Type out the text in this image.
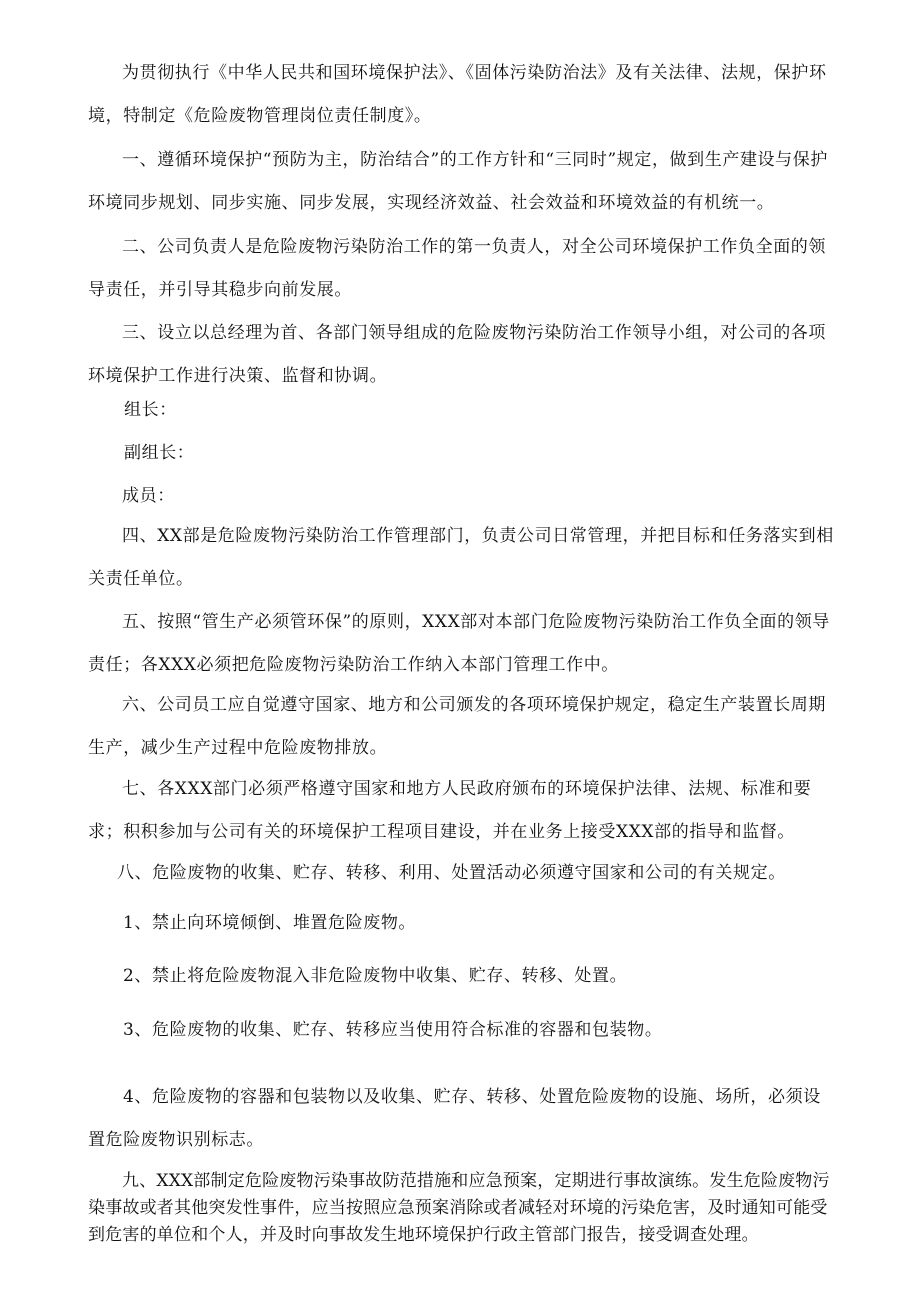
为贯彻执行《中华人民共和国环境保护法》、《固体污染防治法》及有关法律、法规，保护环境，特制定《危险废物管理岗位责任制度》。

一、遵循环境保护“预防为主，防治结合”的工作方针和“三同时”规定，做到生产建设与保护环境同步规划、同步实施、同步发展，实现经济效益、社会效益和环境效益的有机统一。

二、公司负责人是危险废物污染防治工作的第一负责人，对全公司环境保护工作负全面的领导责任，并引导其稳步向前发展。

三、设立以总经理为首、各部门领导组成的危险废物污染防治工作领导小组，对公司的各项环境保护工作进行决策、监督和协调。

组长：

副组长：

成员：

四、XX部是危险废物污染防治工作管理部门，负责公司日常管理，并把目标和任务落实到相关责任单位。

五、按照“管生产必须管环保”的原则，XXX部对本部门危险废物污染防治工作负全面的领导责任；各XXX必须把危险废物污染防治工作纳入本部门管理工作中。

六、公司员工应自觉遵守国家、地方和公司颁发的各项环境保护规定，稳定生产装置长周期生产，减少生产过程中危险废物排放。

七、各XXX部门必须严格遵守国家和地方人民政府颁布的环境保护法律、法规、标准和要求；积积参加与公司有关的环境保护工程项目建设，并在业务上接受XXX部的指导和监督。

八、危险废物的收集、贮存、转移、利用、处置活动必须遵守国家和公司的有关规定。

1、禁止向环境倾倒、堆置危险废物。

2、禁止将危险废物混入非危险废物中收集、贮存、转移、处置。

3、危险废物的收集、贮存、转移应当使用符合标准的容器和包装物。

4、危险废物的容器和包装物以及收集、贮存、转移、处置危险废物的设施、场所，必须设置危险废物识别标志。

九、XXX部制定危险废物污染事故防范措施和应急预案，定期进行事故演练。发生危险废物污染事故或者其他突发性事件，应当按照应急预案消除或者减轻对环境的污染危害，及时通知可能受到危害的单位和个人，并及时向事故发生地环境保护行政主管部门报告，接受调查处理。
